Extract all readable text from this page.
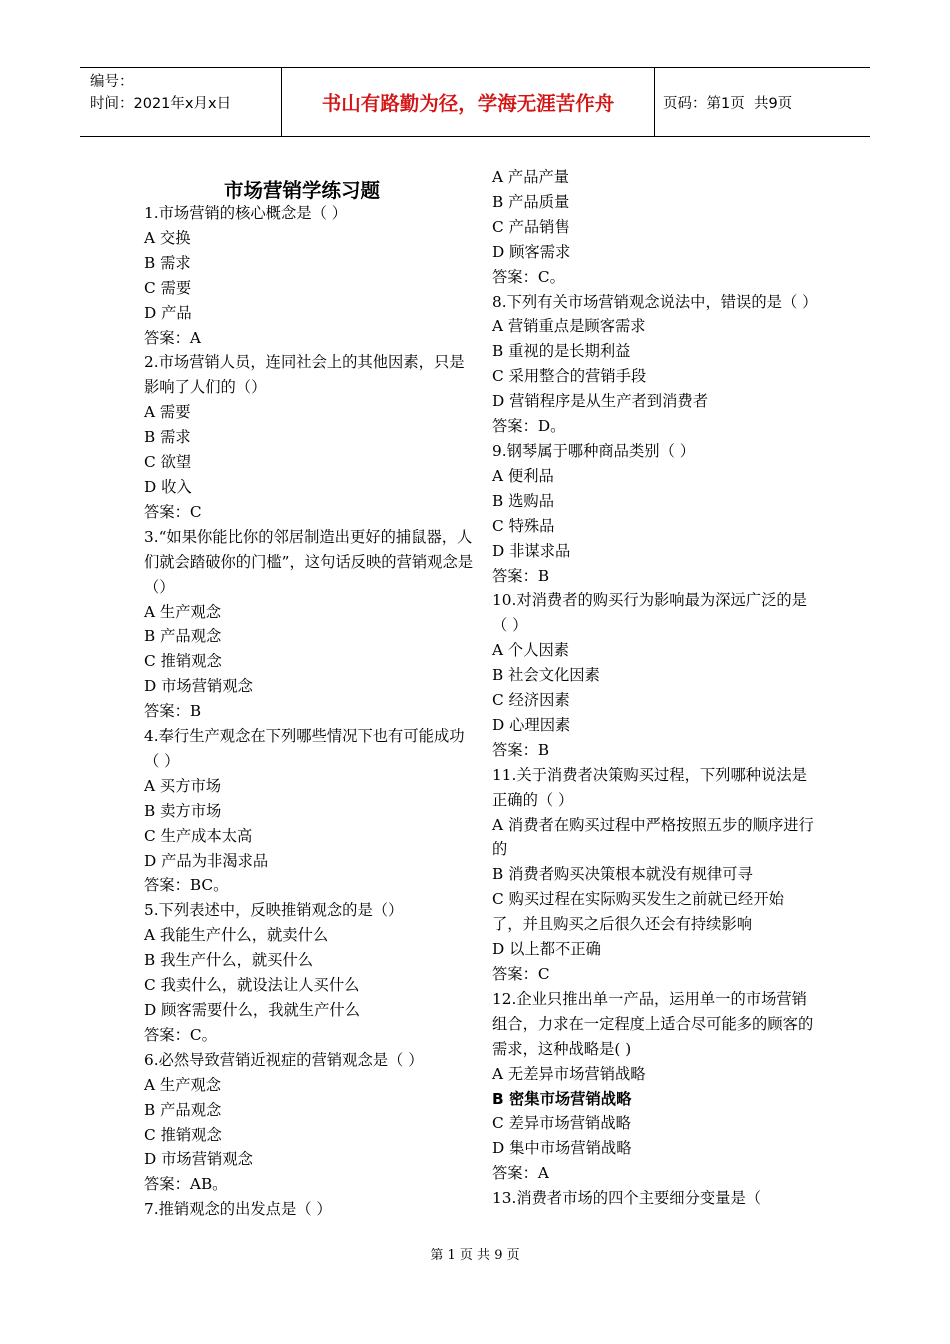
编号：
时间：2021年x月x日	书山有路勤为径，学海无涯苦作舟	页码：第1页  共9页
市场营销学练习题
1.市场营销的核心概念是（ ）
A 交换
B 需求
C 需要
D 产品
答案：A
2.市场营销人员，连同社会上的其他因素，只是影响了人们的（）
A 需要
B 需求
C 欲望
D 收入
答案：C
3.“如果你能比你的邻居制造出更好的捕鼠器，人们就会踏破你的门槛”，这句话反映的营销观念是（）
A 生产观念
B 产品观念
C 推销观念
D 市场营销观念
答案：B
4.奉行生产观念在下列哪些情况下也有可能成功（ ）
A 买方市场
B 卖方市场
C 生产成本太高
D 产品为非渴求品
答案：BC。
5.下列表述中，反映推销观念的是（）
A 我能生产什么，就卖什么
B 我生产什么，就买什么
C 我卖什么，就设法让人买什么
D 顾客需要什么，我就生产什么
答案：C。
6.必然导致营销近视症的营销观念是（ ）
A 生产观念
B 产品观念
C 推销观念
D 市场营销观念
答案：AB。
7.推销观念的出发点是（ ）
A 产品产量
B 产品质量
C 产品销售
D 顾客需求
答案：C。
8.下列有关市场营销观念说法中，错误的是（ ）
A 营销重点是顾客需求
B 重视的是长期利益
C 采用整合的营销手段
D 营销程序是从生产者到消费者
答案：D。
9.钢琴属于哪种商品类别（ ）
A 便利品
B 选购品
C 特殊品
D 非谋求品
答案：B
10.对消费者的购买行为影响最为深远广泛的是（ ）
A 个人因素
B 社会文化因素
C 经济因素
D 心理因素
答案：B
11.关于消费者决策购买过程，下列哪种说法是正确的（ ）
A 消费者在购买过程中严格按照五步的顺序进行的
B 消费者购买决策根本就没有规律可寻
C 购买过程在实际购买发生之前就已经开始了，并且购买之后很久还会有持续影响
D 以上都不正确
答案：C
12.企业只推出单一产品，运用单一的市场营销组合，力求在一定程度上适合尽可能多的顾客的需求，这种战略是( )
A 无差异市场营销战略
B 密集市场营销战略
C 差异市场营销战略
D 集中市场营销战略
答案：A
13.消费者市场的四个主要细分变量是（
第 1 页 共 9 页
